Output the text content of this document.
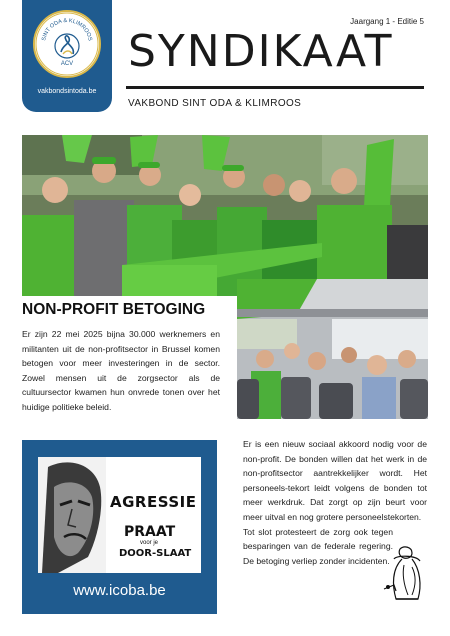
SINT ODA & KLIMROOS
ACV
vakbondsintoda.be
Jaargang 1 - Editie 5
SYNDIKAAT
VAKBOND SINT ODA & KLIMROOS
NON-PROFIT BETOGING
Er zijn 22 mei 2025 bijna 30.000 werknemers en militanten uit de non-profitsector in Brussel komen betogen voor meer investeringen in de sector. Zowel mensen uit de zorgsector als de cultuursector kwamen hun onvrede tonen over het huidige politieke beleid.

Er is een nieuw sociaal akkoord nodig voor de non-profit. De bonden willen dat het werk in de non-profitsector aantrekkelijker wordt. Het personeels-tekort leidt volgens de bonden tot meer werkdruk. Dat zorgt op zijn beurt voor meer uitval en nog grotere personeelstekorten.

Tot slot protesteert de zorg ook tegen besparingen van de federale regering. De betoging verliep zonder incidenten.

AGRESSIE
PRAAT
voor je
DOOR-SLAAT
www.icoba.be
